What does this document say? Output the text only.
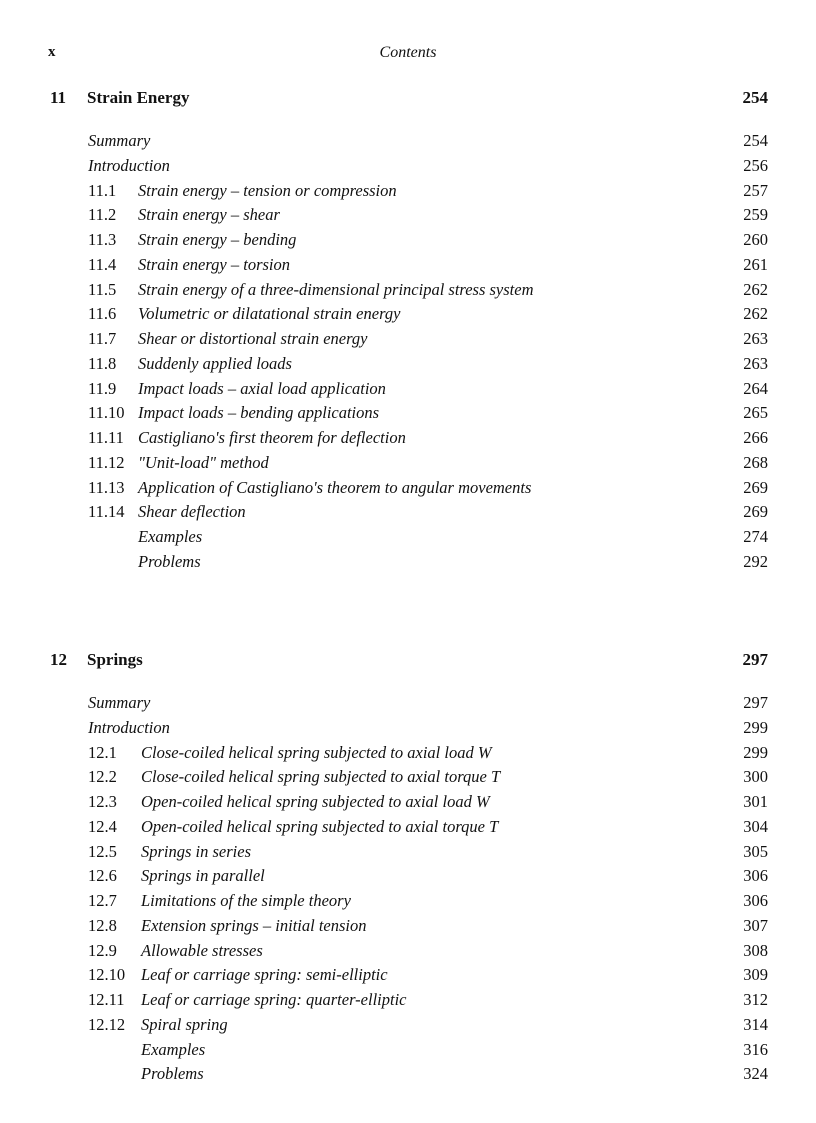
x	Contents
11 Strain Energy	254
Summary	254
Introduction	256
11.1 Strain energy – tension or compression	257
11.2 Strain energy – shear	259
11.3 Strain energy – bending	260
11.4 Strain energy – torsion	261
11.5 Strain energy of a three-dimensional principal stress system	262
11.6 Volumetric or dilatational strain energy	262
11.7 Shear or distortional strain energy	263
11.8 Suddenly applied loads	263
11.9 Impact loads – axial load application	264
11.10 Impact loads – bending applications	265
11.11 Castigliano's first theorem for deflection	266
11.12 "Unit-load" method	268
11.13 Application of Castigliano's theorem to angular movements	269
11.14 Shear deflection	269
Examples	274
Problems	292
12 Springs	297
Summary	297
Introduction	299
12.1 Close-coiled helical spring subjected to axial load W	299
12.2 Close-coiled helical spring subjected to axial torque T	300
12.3 Open-coiled helical spring subjected to axial load W	301
12.4 Open-coiled helical spring subjected to axial torque T	304
12.5 Springs in series	305
12.6 Springs in parallel	306
12.7 Limitations of the simple theory	306
12.8 Extension springs – initial tension	307
12.9 Allowable stresses	308
12.10 Leaf or carriage spring: semi-elliptic	309
12.11 Leaf or carriage spring: quarter-elliptic	312
12.12 Spiral spring	314
Examples	316
Problems	324
